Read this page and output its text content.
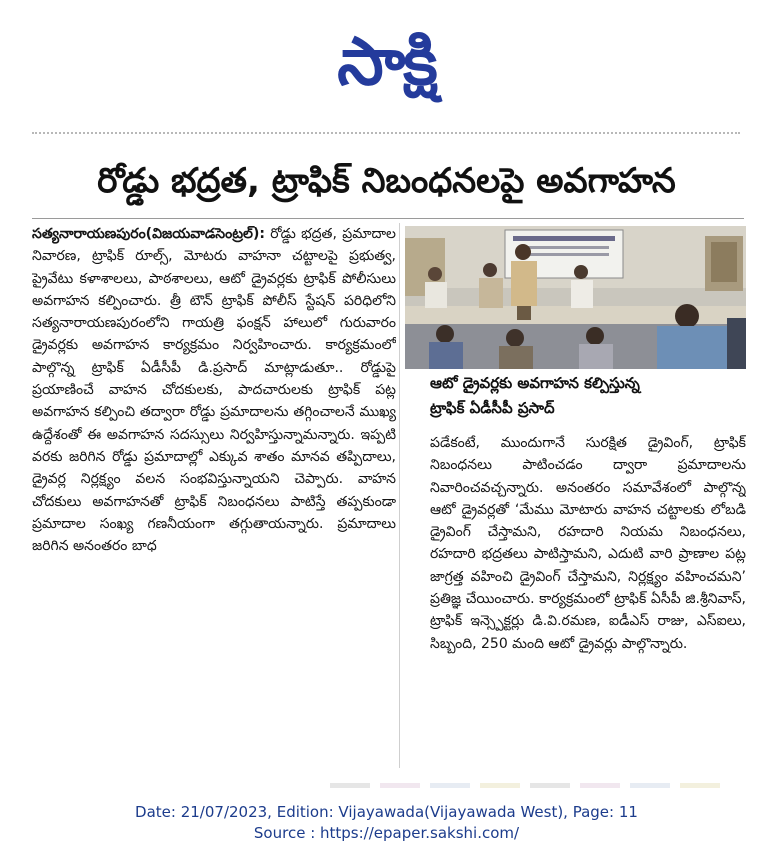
సాక్షి
రోడ్డు భద్రత, ట్రాఫిక్ నిబంధనలపై అవగాహన
సత్యనారాయణపురం(విజయవాడసెంట్రల్): రోడ్డు భద్రత, ప్రమాదాల నివారణ, ట్రాఫిక్ రూల్స్, మోటరు వాహనా చట్టాలపై ప్రభుత్వ, ప్రైవేటు కళాశాలలు, పాఠశాలలు, ఆటో డ్రైవర్లకు ట్రాఫిక్ పోలీసులు అవగాహన కల్పించారు. త్రీ టౌన్ ట్రాఫిక్ పోలీస్ స్టేషన్ పరిధిలోని సత్యనారాయణపురంలోని గాయత్రి ఫంక్షన్ హాలులో గురువారం డ్రైవర్లకు అవగాహన కార్యక్రమం నిర్వహించారు. కార్యక్రమంలో పాల్గొన్న ట్రాఫిక్ ఏడీసీపీ డి.ప్రసాద్ మాట్లాడుతూ.. రోడ్డుపై ప్రయాణించే వాహన చోదకులకు, పాదచారులకు ట్రాఫిక్ పట్ల అవగాహన కల్పించి తద్వారా రోడ్డు ప్రమాదాలను తగ్గించాలనే ముఖ్య ఉద్దేశంతో ఈ అవగాహన సదస్సులు నిర్వహిస్తున్నామన్నారు. ఇప్పటి వరకు జరిగిన రోడ్డు ప్రమాదాల్లో ఎక్కువ శాతం మానవ తప్పిదాలు, డ్రైవర్ల నిర్లక్ష్యం వలన సంభవిస్తున్నాయని చెప్పారు. వాహన చోదకులు అవగాహనతో ట్రాఫిక్ నిబంధనలు పాటిస్తే తప్పకుండా ప్రమాదాల సంఖ్య గణనీయంగా తగ్గుతాయన్నారు. ప్రమాదాలు జరిగిన అనంతరం బాధ
ఆటో డ్రైవర్లకు అవగాహన కల్పిస్తున్న
ట్రాఫిక్ ఏడీసీపీ ప్రసాద్
పడేకంటే, ముందుగానే సురక్షిత డ్రైవింగ్, ట్రాఫిక్ నిబంధనలు పాటించడం ద్వారా ప్రమాదాలను నివారించవచ్చన్నారు. అనంతరం సమావేశంలో పాల్గొన్న ఆటో డ్రైవర్లతో ‘మేము మోటారు వాహన చట్టాలకు లోబడి డ్రైవింగ్ చేస్తామని, రహదారి నియమ నిబంధనలు, రహదారి భద్రతలు పాటిస్తామని, ఎదుటి వారి ప్రాణాల పట్ల జాగ్రత్త వహించి డ్రైవింగ్ చేస్తామని, నిర్లక్ష్యం వహించమని’ ప్రతిజ్ఞ చేయించారు. కార్యక్రమంలో ట్రాఫిక్ ఏసీపీ జి.శ్రీనివాస్, ట్రాఫిక్ ఇన్స్పెక్టర్లు డి.వి.రమణ, ఐడీఎస్ రాజు, ఎస్ఐలు, సిబ్బంది, 250 మంది ఆటో డ్రైవర్లు పాల్గొన్నారు.
Date: 21/07/2023, Edition: Vijayawada(Vijayawada West), Page: 11
Source : https://epaper.sakshi.com/
